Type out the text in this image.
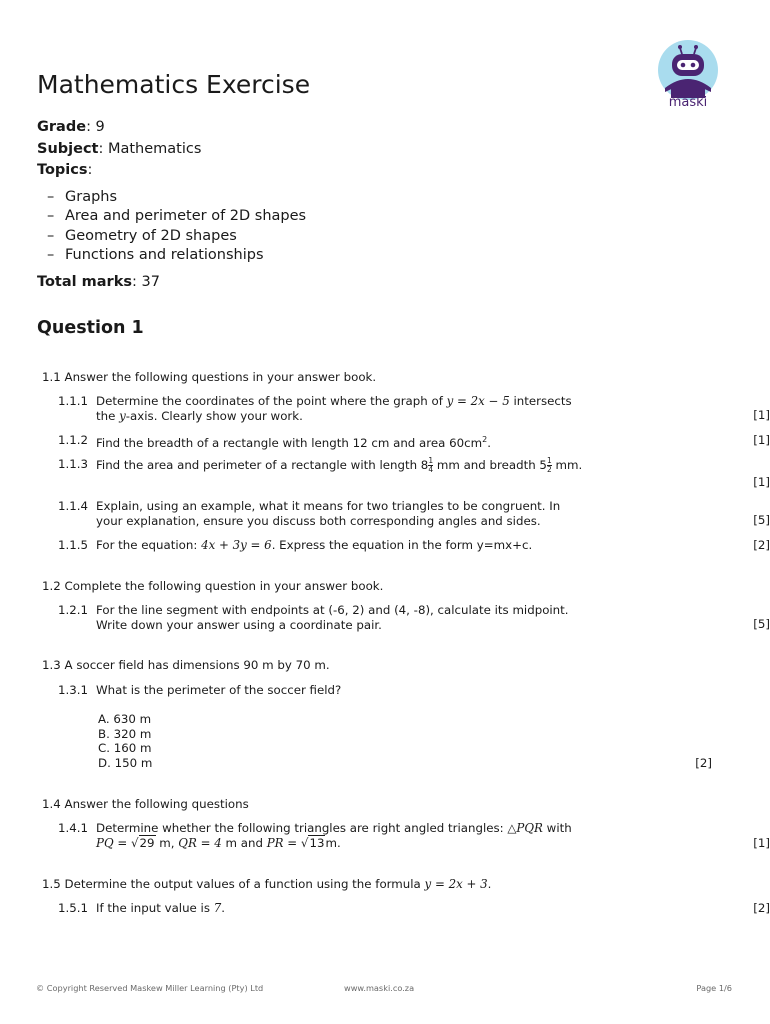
Mathematics Exercise
maski
Grade: 9
Subject: Mathematics
Topics:
– Graphs
– Area and perimeter of 2D shapes
– Geometry of 2D shapes
– Functions and relationships
Total marks: 37
Question 1
1.1 Answer the following questions in your answer book.
1.1.1 Determine the coordinates of the point where the graph of y = 2x − 5 intersects
the y-axis. Clearly show your work.	[1]
1.1.2 Find the breadth of a rectangle with length 12 cm and area $60cm^2$.	[1]
1.1.3 Find the area and perimeter of a rectangle with length $8 \frac{1}{4}$ mm and breadth $5 \frac{1}{2}$ mm.
[1]
1.1.4 Explain, using an example, what it means for two triangles to be congruent. In
your explanation, ensure you discuss both corresponding angles and sides.	[5]
1.1.5 For the equation: 4x + 3y = 6. Express the equation in the form y=mx+c.	[2]
1.2 Complete the following question in your answer book.
1.2.1 For the line segment with endpoints at (-6, 2) and (4, -8), calculate its midpoint.
Write down your answer using a coordinate pair.	[5]
1.3 A soccer field has dimensions 90 m by 70 m.
1.3.1 What is the perimeter of the soccer field?
A. 630 m
B. 320 m
C. 160 m
D. 150 m	[2]
1.4 Answer the following questions
1.4.1 Determine whether the following triangles are right angled triangles: △PQR with
PQ = √29 m, QR = 4 m and PR = √13m.	[1]
1.5 Determine the output values of a function using the formula y = 2x + 3.
1.5.1 If the input value is 7.	[2]
© Copyright Reserved Maskew Miller Learning (Pty) Ltd	www.maski.co.za	Page 1/6
